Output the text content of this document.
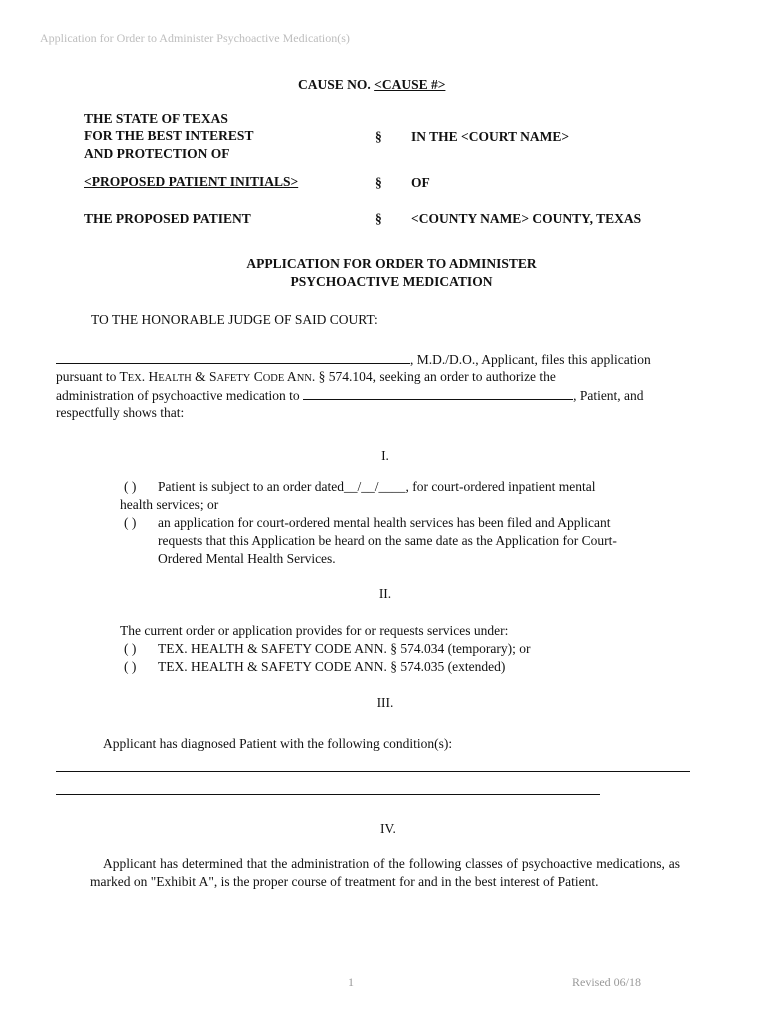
Application for Order to Administer Psychoactive Medication(s)
CAUSE NO. <CAUSE #>
THE STATE OF TEXAS
FOR THE BEST INTEREST
AND PROTECTION OF
<PROPOSED PATIENT INITIALS>
THE PROPOSED PATIENT
§
§
§
IN THE <COURT NAME>
OF
<COUNTY NAME> COUNTY, TEXAS
APPLICATION FOR ORDER TO ADMINISTER
PSYCHOACTIVE MEDICATION
TO THE HONORABLE JUDGE OF SAID COURT:
, M.D./D.O., Applicant, files this application
pursuant to TEX. HEALTH & SAFETY CODE ANN. § 574.104, seeking an order to authorize the
administration of psychoactive medication to	, Patient, and
respectfully shows that:
I.
( ) Patient is subject to an order dated__/__/____, for court-ordered inpatient mental
health services; or
( ) an application for court-ordered mental health services has been filed and Applicant
requests that this Application be heard on the same date as the Application for Court-
Ordered Mental Health Services.
II.
The current order or application provides for or requests services under:
( ) TEX. HEALTH & SAFETY CODE ANN. § 574.034 (temporary); or
( ) TEX. HEALTH & SAFETY CODE ANN. § 574.035 (extended)
III.
Applicant has diagnosed Patient with the following condition(s):
IV.
Applicant has determined that the administration of the following classes of psychoactive medications, as marked on "Exhibit A", is the proper course of treatment for and in the best interest of Patient.
1	Revised 06/18
